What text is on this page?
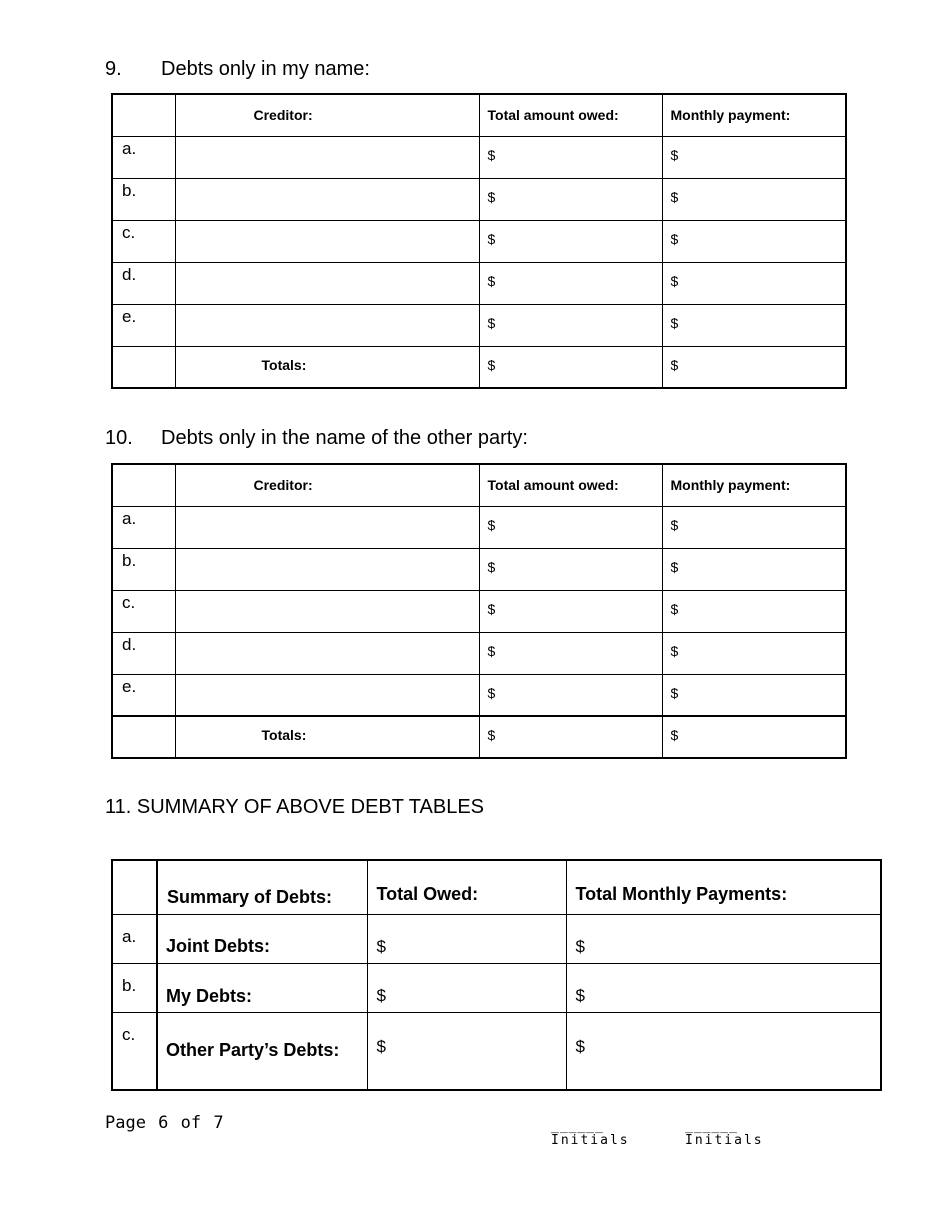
9. Debts only in my name:
	Creditor:	Total amount owed:	Monthly payment:
a.		$	$
b.		$	$
c.		$	$
d.		$	$
e.		$	$
	Totals:	$	$
10. Debts only in the name of the other party:
	Creditor:	Total amount owed:	Monthly payment:
a.		$	$
b.		$	$
c.		$	$
d.		$	$
e.		$	$
	Totals:	$	$
11. SUMMARY OF ABOVE DEBT TABLES
	Summary of Debts:	Total Owed:	Total Monthly Payments:
a.	Joint Debts:	$	$
b.	My Debts:	$	$
c.	Other Party’s Debts:	$	$
Page 6 of 7	______
Initials
______
Initials
